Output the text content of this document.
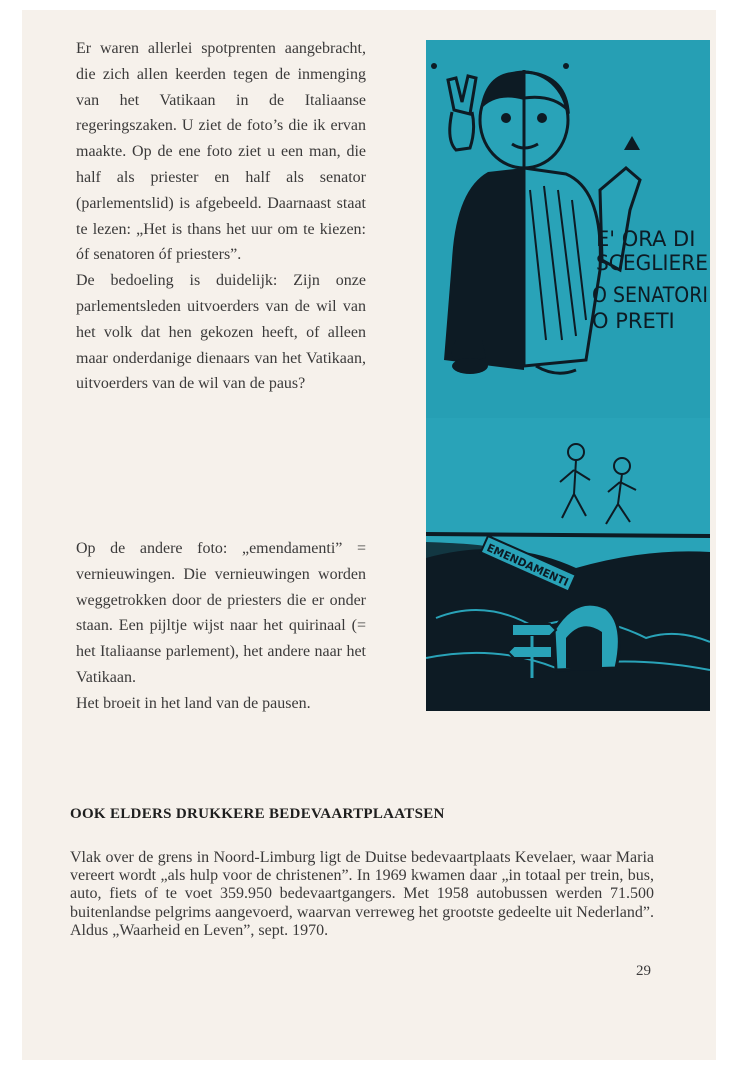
Er waren allerlei spotprenten aangebracht, die zich allen keerden tegen de inmenging van het Vatikaan in de Italiaanse regeringszaken. U ziet de foto’s die ik ervan maakte. Op de ene foto ziet u een man, die half als priester en half als senator (parlementslid) is afgebeeld. Daarnaast staat te lezen: „Het is thans het uur om te kiezen: óf senatoren óf priesters”.

De bedoeling is duidelijk: Zijn onze parlementsleden uitvoerders van de wil van het volk dat hen gekozen heeft, of alleen maar onderdanige dienaars van het Vatikaan, uitvoerders van de wil van de paus?

Op de andere foto: „emendamenti” = vernieuwingen. Die vernieuwingen worden weggetrokken door de priesters die er onder staan. Een pijltje wijst naar het quirinaal (= het Italiaanse parlement), het andere naar het Vatikaan.

Het broeit in het land van de pausen.

E' ORA DI
SCEGLIERE
O SENATORI
O PRETI
EMENDAMENTI
OOK ELDERS DRUKKERE BEDEVAARTPLAATSEN
Vlak over de grens in Noord-Limburg ligt de Duitse bedevaartplaats Kevelaer, waar Maria vereert wordt „als hulp voor de christenen”. In 1969 kwamen daar „in totaal per trein, bus, auto, fiets of te voet 359.950 bedevaartgangers. Met 1958 autobussen werden 71.500 buitenlandse pelgrims aangevoerd, waarvan verreweg het grootste gedeelte uit Nederland”. Aldus „Waarheid en Leven”, sept. 1970.
29
